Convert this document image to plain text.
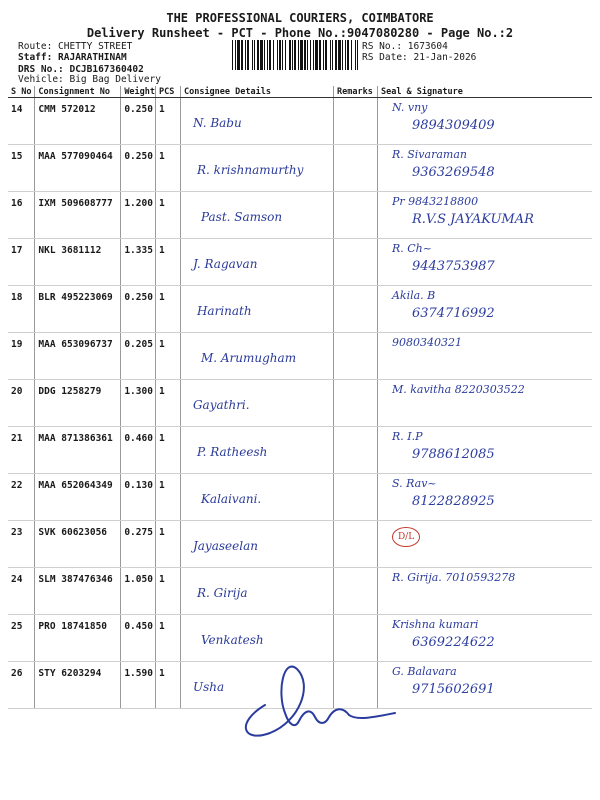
THE PROFESSIONAL COURIERS, COIMBATORE
Delivery Runsheet - PCT - Phone No.:9047080280 - Page No.:2
Route: CHETTY STREET
Staff: RAJARATHINAM
DRS No.: DCJB167360402
Vehicle: Big Bag Delivery
RS No.: 1673604
RS Date: 21-Jan-2026
S No	Consignment No	Weight	PCS	Consignee Details	Remarks	Seal & Signature
14	CMM 572012	0.250	1	N. Babu		N. vny
9894309409

15	MAA 577090464	0.250	1	R. krishnamurthy		R. Sivaraman
9363269548

16	IXM 509608777	1.200	1	Past. Samson		Pr 9843218800
R.V.S JAYAKUMAR

17	NKL 3681112	1.335	1	J. Ragavan		R. Ch~
9443753987

18	BLR 495223069	0.250	1	Harinath		Akila. B
6374716992

19	MAA 653096737	0.205	1	M. Arumugham		9080340321

20	DDG 1258279	1.300	1	Gayathri.		M. kavitha 8220303522

21	MAA 871386361	0.460	1	P. Ratheesh		R. I.P
9788612085

22	MAA 652064349	0.130	1	Kalaivani.		S. Rav~
8122828925

23	SVK 60623056	0.275	1	Jayaseelan		D/L

24	SLM 387476346	1.050	1	R. Girija		R. Girija. 7010593278

25	PRO 18741850	0.450	1	Venkatesh		Krishna kumari
6369224622

26	STY 6203294	1.590	1	Usha		G. Balavara
9715602691
